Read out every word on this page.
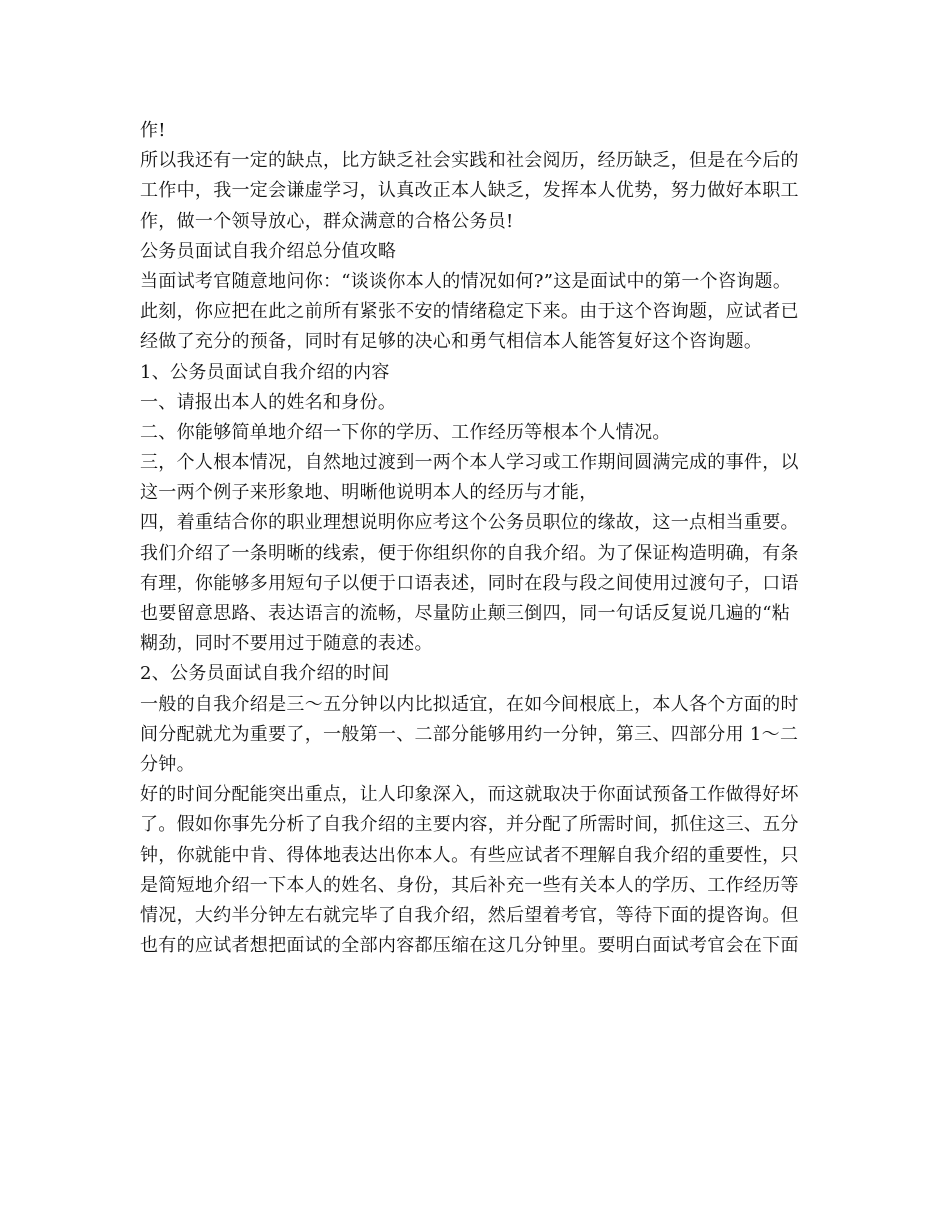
作!
所以我还有一定的缺点，比方缺乏社会实践和社会阅历，经历缺乏，但是在今后的
工作中，我一定会谦虚学习，认真改正本人缺乏，发挥本人优势，努力做好本职工
作，做一个领导放心，群众满意的合格公务员!
公务员面试自我介绍总分值攻略
当面试考官随意地问你：“谈谈你本人的情况如何?”这是面试中的第一个咨询题。
此刻，你应把在此之前所有紧张不安的情绪稳定下来。由于这个咨询题，应试者已
经做了充分的预备，同时有足够的决心和勇气相信本人能答复好这个咨询题。
1、公务员面试自我介绍的内容
一、请报出本人的姓名和身份。
二、你能够简单地介绍一下你的学历、工作经历等根本个人情况。
三，个人根本情况，自然地过渡到一两个本人学习或工作期间圆满完成的事件，以
这一两个例子来形象地、明晰他说明本人的经历与才能，
四，着重结合你的职业理想说明你应考这个公务员职位的缘故，这一点相当重要。
我们介绍了一条明晰的线索，便于你组织你的自我介绍。为了保证构造明确，有条
有理，你能够多用短句子以便于口语表述，同时在段与段之间使用过渡句子，口语
也要留意思路、表达语言的流畅，尽量防止颠三倒四，同一句话反复说几遍的“粘
糊劲，同时不要用过于随意的表述。
2、公务员面试自我介绍的时间
一般的自我介绍是三～五分钟以内比拟适宜，在如今间根底上，本人各个方面的时
间分配就尤为重要了，一般第一、二部分能够用约一分钟，第三、四部分用 1～二
分钟。
好的时间分配能突出重点，让人印象深入，而这就取决于你面试预备工作做得好坏
了。假如你事先分析了自我介绍的主要内容，并分配了所需时间，抓住这三、五分
钟，你就能中肯、得体地表达出你本人。有些应试者不理解自我介绍的重要性，只
是简短地介绍一下本人的姓名、身份，其后补充一些有关本人的学历、工作经历等
情况，大约半分钟左右就完毕了自我介绍，然后望着考官，等待下面的提咨询。但
也有的应试者想把面试的全部内容都压缩在这几分钟里。要明白面试考官会在下面
